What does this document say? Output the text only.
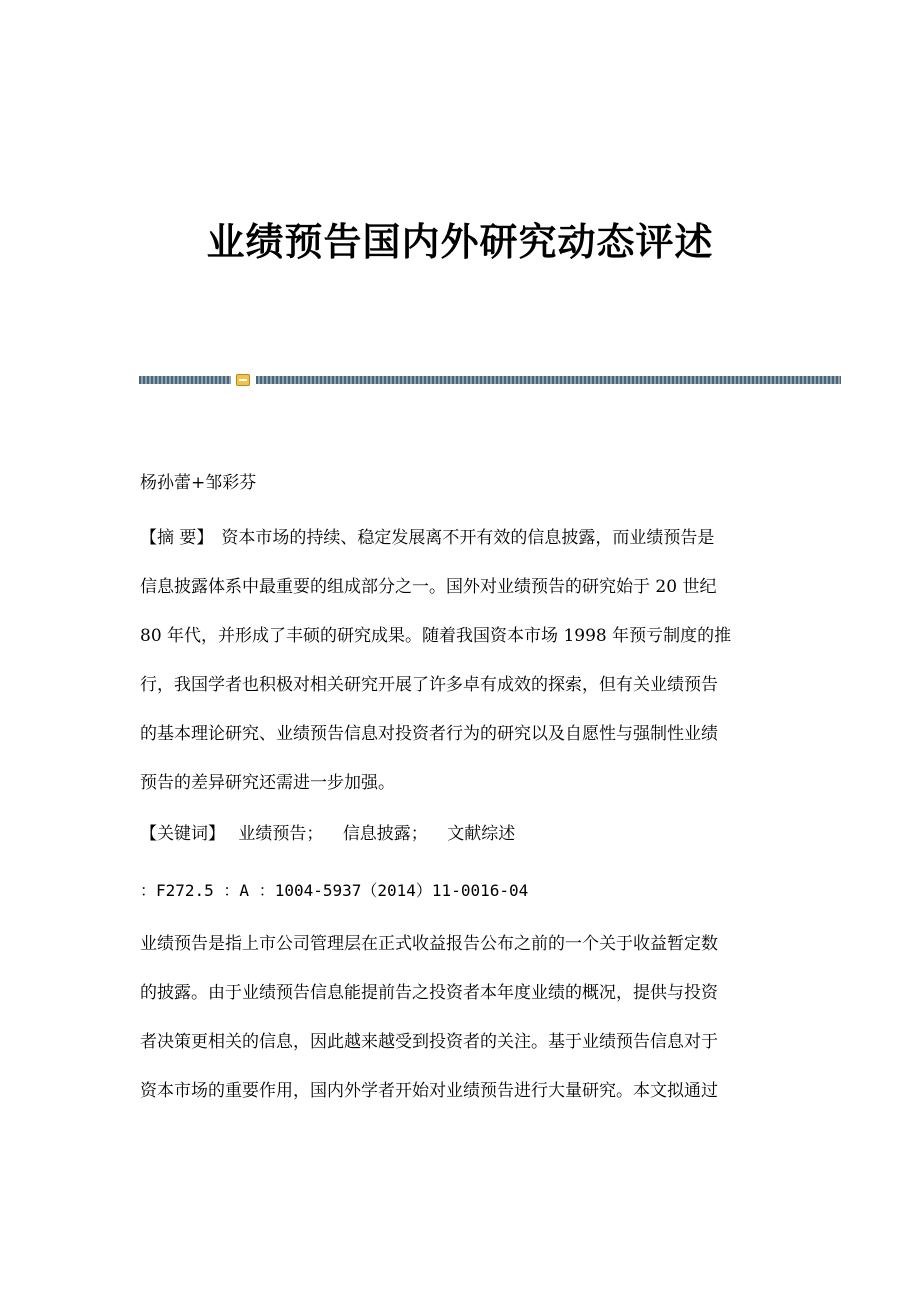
业绩预告国内外研究动态评述
杨孙蕾+邹彩芬
【摘 要】 资本市场的持续、稳定发展离不开有效的信息披露，而业绩预告是
信息披露体系中最重要的组成部分之一。国外对业绩预告的研究始于 20 世纪
80 年代，并形成了丰硕的研究成果。随着我国资本市场 1998 年预亏制度的推
行，我国学者也积极对相关研究开展了许多卓有成效的探索，但有关业绩预告
的基本理论研究、业绩预告信息对投资者行为的研究以及自愿性与强制性业绩
预告的差异研究还需进一步加强。
【关键词】 业绩预告； 信息披露； 文献综述
：F272.5 ：A ：1004-5937（2014）11-0016-04
业绩预告是指上市公司管理层在正式收益报告公布之前的一个关于收益暂定数
的披露。由于业绩预告信息能提前告之投资者本年度业绩的概况，提供与投资
者决策更相关的信息，因此越来越受到投资者的关注。基于业绩预告信息对于
资本市场的重要作用，国内外学者开始对业绩预告进行大量研究。本文拟通过
